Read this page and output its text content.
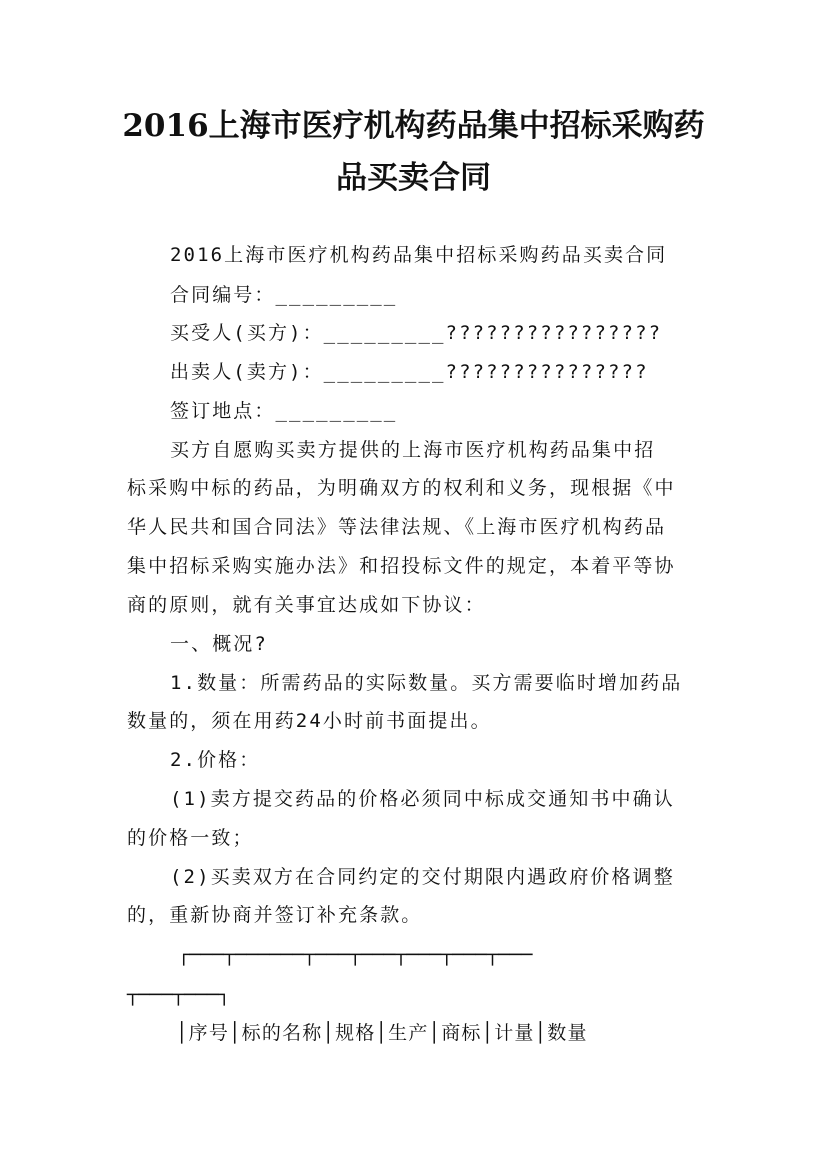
2016上海市医疗机构药品集中招标采购药
品买卖合同
2016上海市医疗机构药品集中招标采购药品买卖合同
合同编号：_________
买受人(买方)：_________????????????????
出卖人(卖方)：_________???????????????
签订地点：_________
买方自愿购买卖方提供的上海市医疗机构药品集中招
标采购中标的药品，为明确双方的权利和义务，现根据《中
华人民共和国合同法》等法律法规、《上海市医疗机构药品
集中招标采购实施办法》和招投标文件的规定，本着平等协
商的原则，就有关事宜达成如下协议：
一、概况?
1.数量：所需药品的实际数量。买方需要临时增加药品
数量的，须在用药24小时前书面提出。
2.价格：
(1)卖方提交药品的价格必须同中标成交通知书中确认
的价格一致；
(2)买卖双方在合同约定的交付期限内遇政府价格调整
的，重新协商并签订补充条款。
┌───┬──────┬───┬───┬───┬───┬───
┬───┬───┐
│序号│标的名称│规格│生产│商标│计量│数量
